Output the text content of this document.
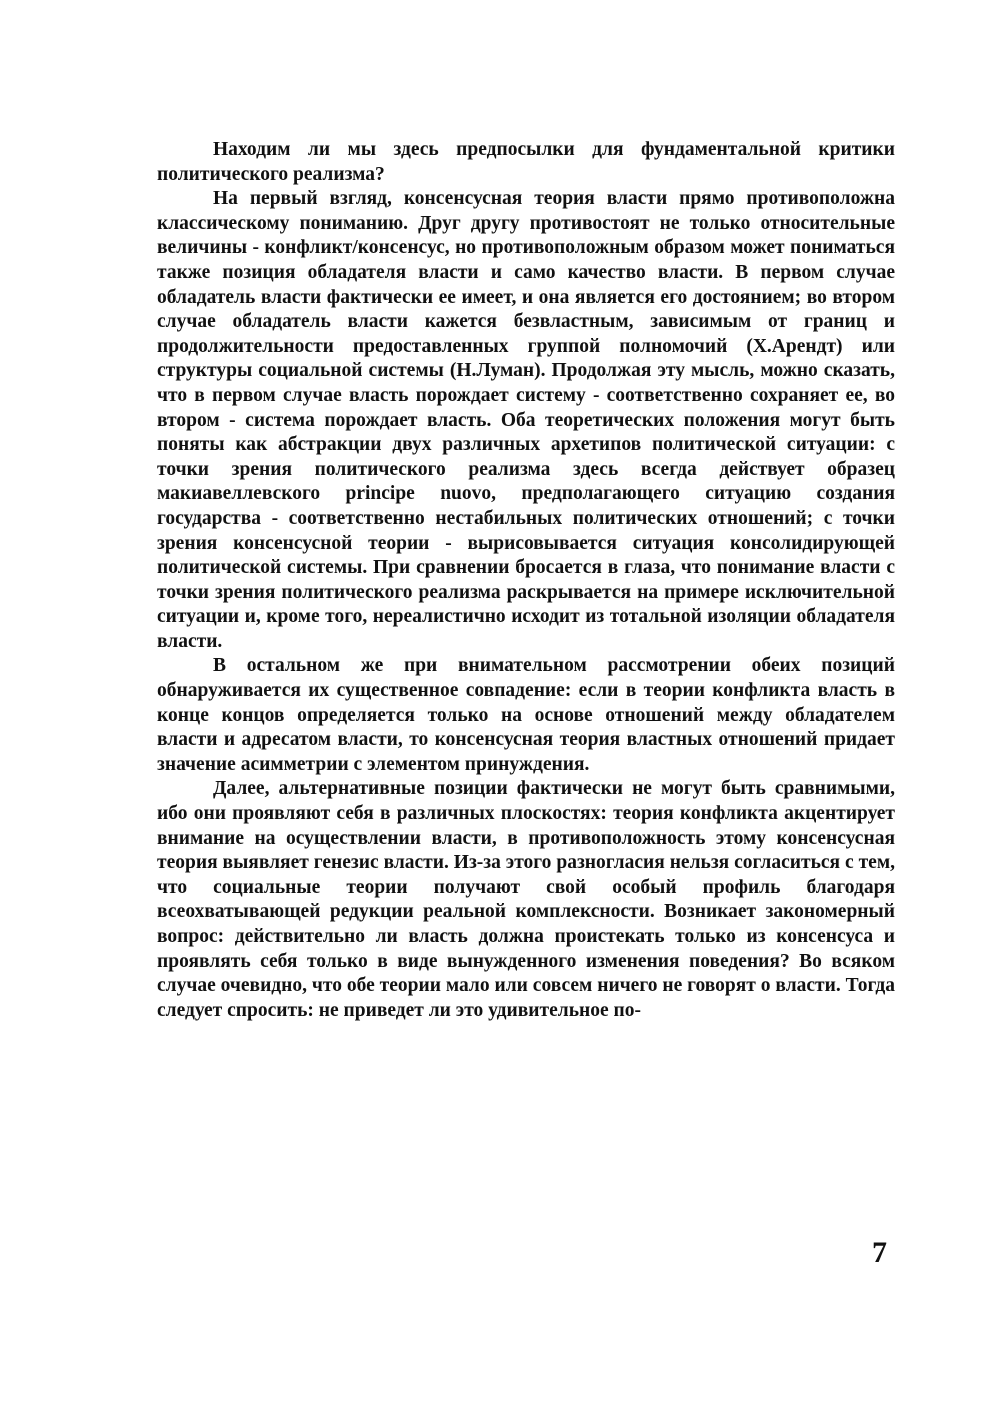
Находим ли мы здесь предпосылки для фундаментальной критики политического реализма?

На первый взгляд, консенсусная теория власти прямо противоположна классическому пониманию. Друг другу противостоят не только относительные величины - конфликт/консенсус, но противоположным образом может пониматься также позиция обладателя власти и само качество власти. В первом случае обладатель власти фактически ее имеет, и она является его достоянием; во втором случае обладатель власти кажется безвластным, зависимым от границ и продолжительности предоставленных группой полномочий (Х.Арендт) или структуры социальной системы (Н.Луман). Продолжая эту мысль, можно сказать, что в первом случае власть порождает систему - соответственно сохраняет ее, во втором - система порождает власть. Оба теоретических положения могут быть поняты как абстракции двух различных архетипов политической ситуации: с точки зрения политического реализма здесь всегда действует образец макиавеллевского principe nuovo, предполагающего ситуацию создания государства - соответственно нестабильных политических отношений; с точки зрения консенсусной теории - вырисовывается ситуация консолидирующей политической системы. При сравнении бросается в глаза, что понимание власти с точки зрения политического реализма раскрывается на примере исключительной ситуации и, кроме того, нереалистично исходит из тотальной изоляции обладателя власти.

В остальном же при внимательном рассмотрении обеих позиций обнаруживается их существенное совпадение: если в теории конфликта власть в конце концов определяется только на основе отношений между обладателем власти и адресатом власти, то консенсусная теория властных отношений придает значение асимметрии с элементом принуждения.

Далее, альтернативные позиции фактически не могут быть сравнимыми, ибо они проявляют себя в различных плоскостях: теория конфликта акцентирует внимание на осуществлении власти, в противоположность этому консенсусная теория выявляет генезис власти. Из-за этого разногласия нельзя согласиться с тем, что социальные теории получают свой особый профиль благодаря всеохватывающей редукции реальной комплексности. Возникает закономерный вопрос: действительно ли власть должна проистекать только из консенсуса и проявлять себя только в виде вынужденного изменения поведения? Во всяком случае очевидно, что обе теории мало или совсем ничего не говорят о власти. Тогда следует спросить: не приведет ли это удивительное по-

7
